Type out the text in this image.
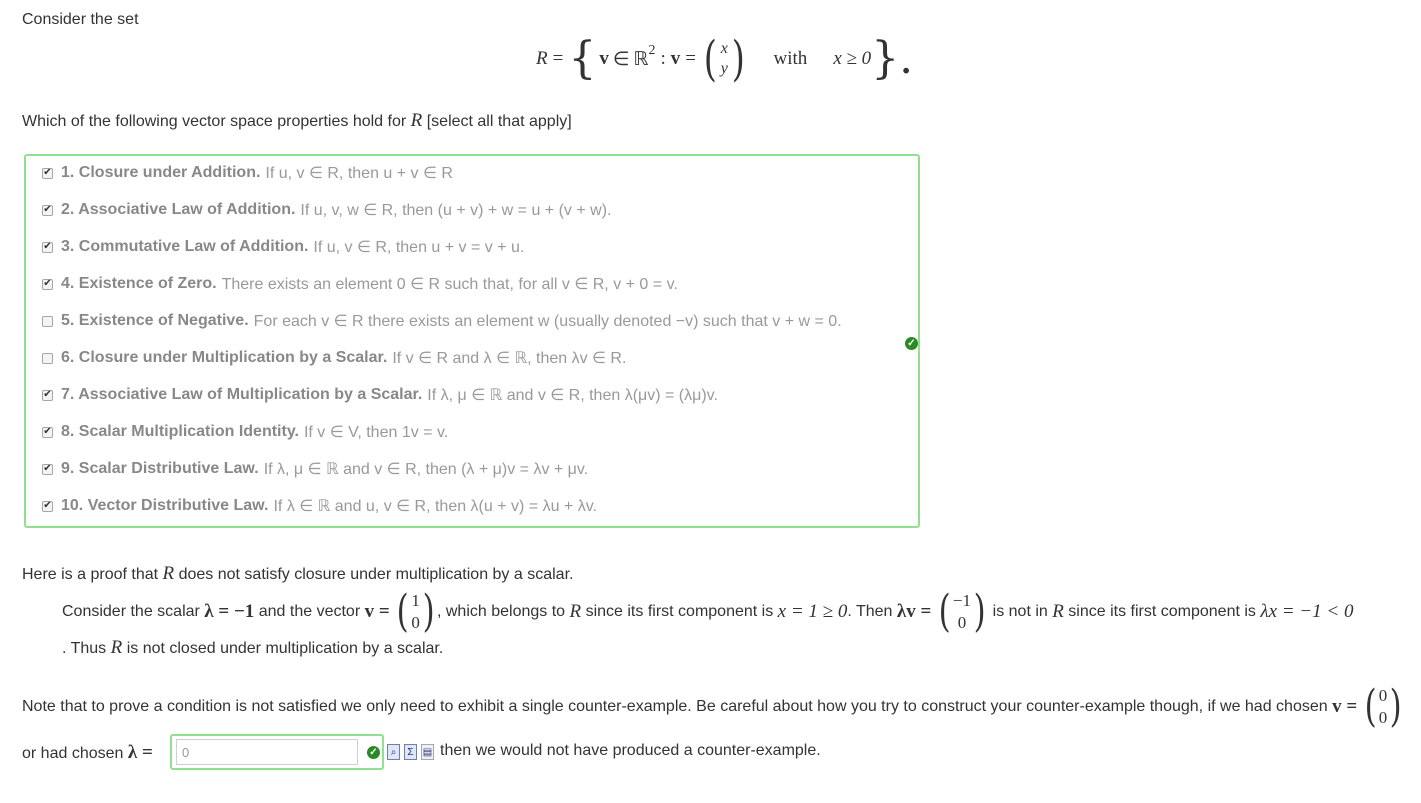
Consider the set
R = { v ∈ ℝ$^2$ : v = ( x
y ) with x ≥ 0 }.
Which of the following vector space properties hold for R [select all that apply]
✔ 1. Closure under Addition. If u, v ∈ R, then u + v ∈ R
✔ 2. Associative Law of Addition. If u, v, w ∈ R, then (u + v) + w = u + (v + w).
✔ 3. Commutative Law of Addition. If u, v ∈ R, then u + v = v + u.
✔ 4. Existence of Zero. There exists an element 0 ∈ R such that, for all v ∈ R, v + 0 = v.
5. Existence of Negative. For each v ∈ R there exists an element w (usually denoted −v) such that v + w = 0.
6. Closure under Multiplication by a Scalar. If v ∈ R and λ ∈ ℝ, then λv ∈ R.
✔ 7. Associative Law of Multiplication by a Scalar. If λ, μ ∈ ℝ and v ∈ R, then λ(μv) = (λμ)v.
✔ 8. Scalar Multiplication Identity. If v ∈ V, then 1v = v.
✔ 9. Scalar Distributive Law. If λ, μ ∈ ℝ and v ∈ R, then (λ + μ)v = λv + μv.
✔ 10. Vector Distributive Law. If λ ∈ ℝ and u, v ∈ R, then λ(u + v) = λu + λv.
✓
Here is a proof that R does not satisfy closure under multiplication by a scalar.
Consider the scalar
λ = −1
and the vector
v =
( 1
0 ) , which belongs to
R
since its first component is
x = 1 ≥ 0 . Then
λv =
( −1
0 )
is not in
R
since its first component is
λx = −1 < 0
. Thus R is not closed under multiplication by a scalar.
Note that to prove a condition is not satisfied we only need to exhibit a single counter-example. Be careful about how you try to construct your counter-example though, if we had chosen
v =
( 0
0 )
or had chosen λ =
0	✓	⌕	Σ ▤ then we would not have produced a counter-example.
